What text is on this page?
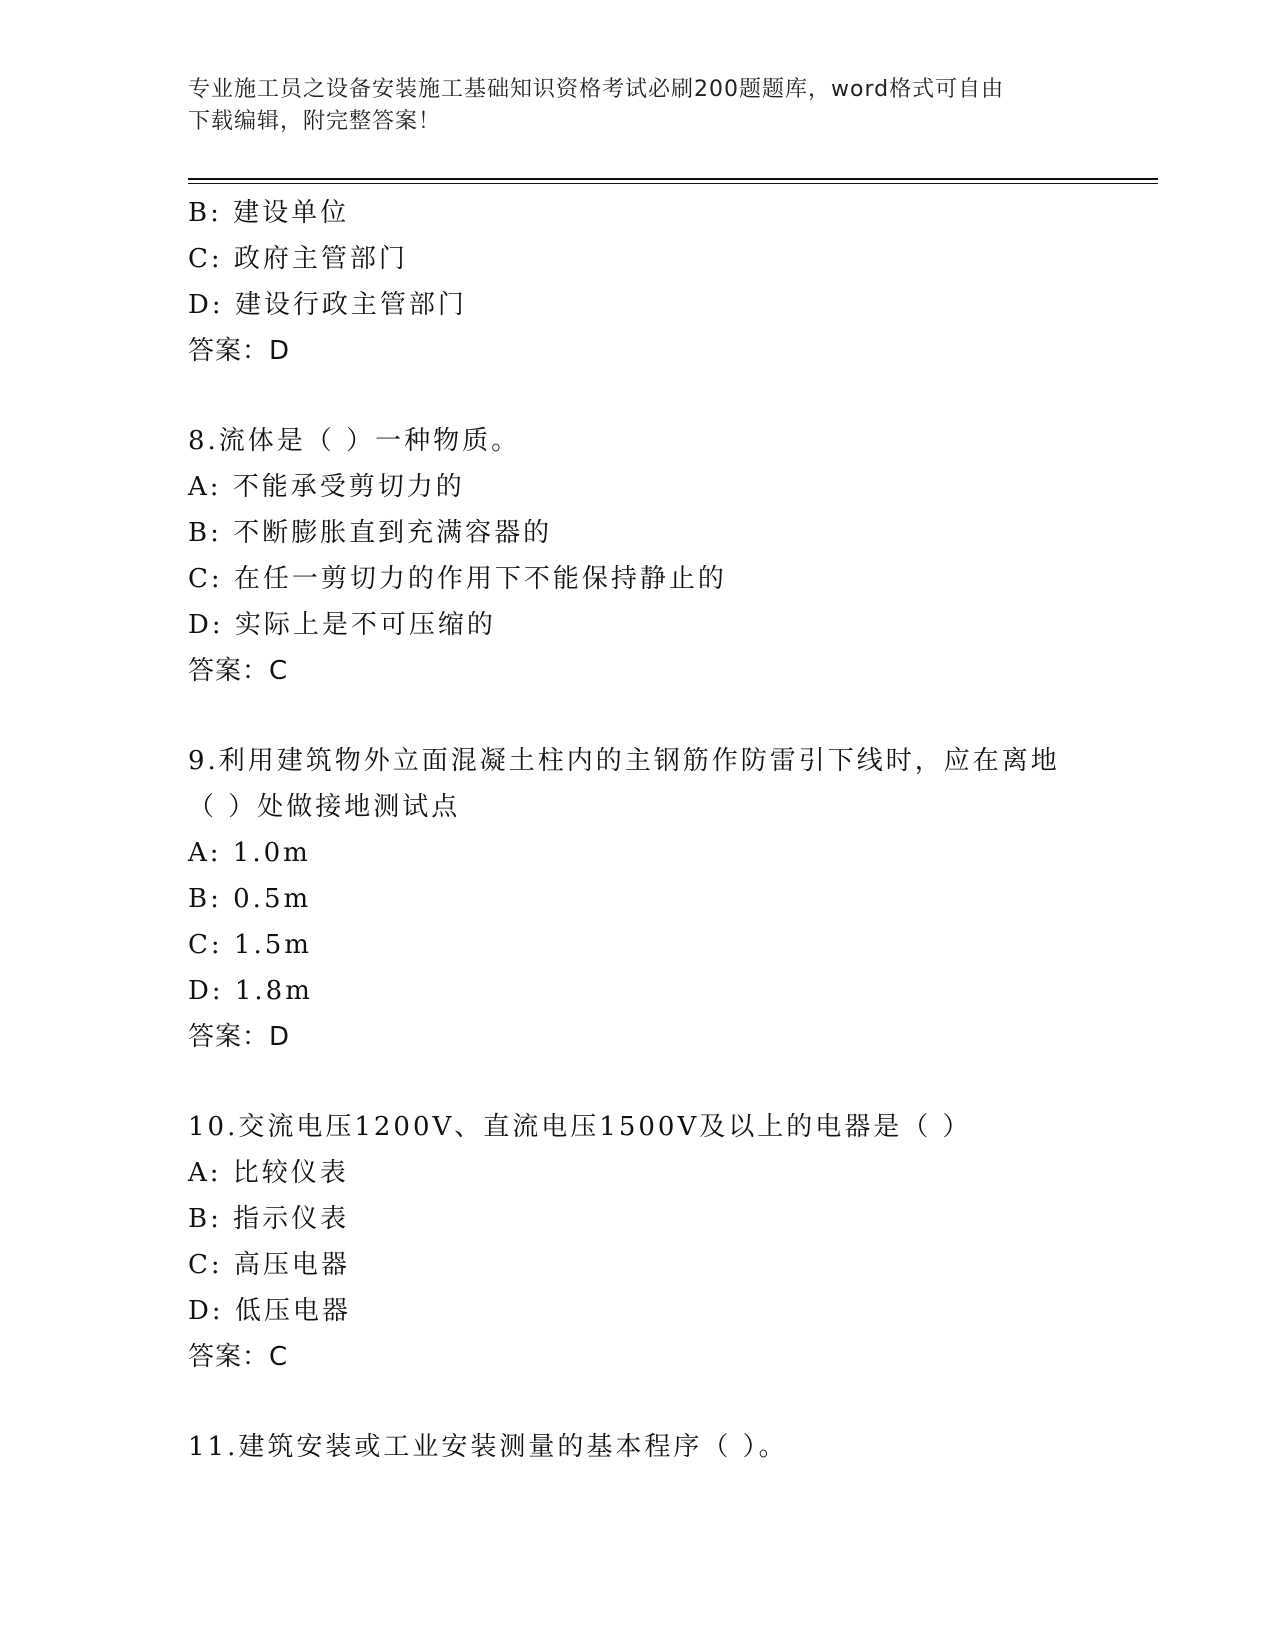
专业施工员之设备安装施工基础知识资格考试必刷200题题库，word格式可自由
下载编辑，附完整答案！
B: 建设单位
C: 政府主管部门
D: 建设行政主管部门
答案：D
8.流体是（ ）一种物质。
A: 不能承受剪切力的
B: 不断膨胀直到充满容器的
C: 在任一剪切力的作用下不能保持静止的
D: 实际上是不可压缩的
答案：C
9.利用建筑物外立面混凝土柱内的主钢筋作防雷引下线时，应在离地
（ ）处做接地测试点
A: 1.0m
B: 0.5m
C: 1.5m
D: 1.8m
答案：D
10.交流电压1200V、直流电压1500V及以上的电器是（ ）
A: 比较仪表
B: 指示仪表
C: 高压电器
D: 低压电器
答案：C
11.建筑安装或工业安装测量的基本程序（ ）。
